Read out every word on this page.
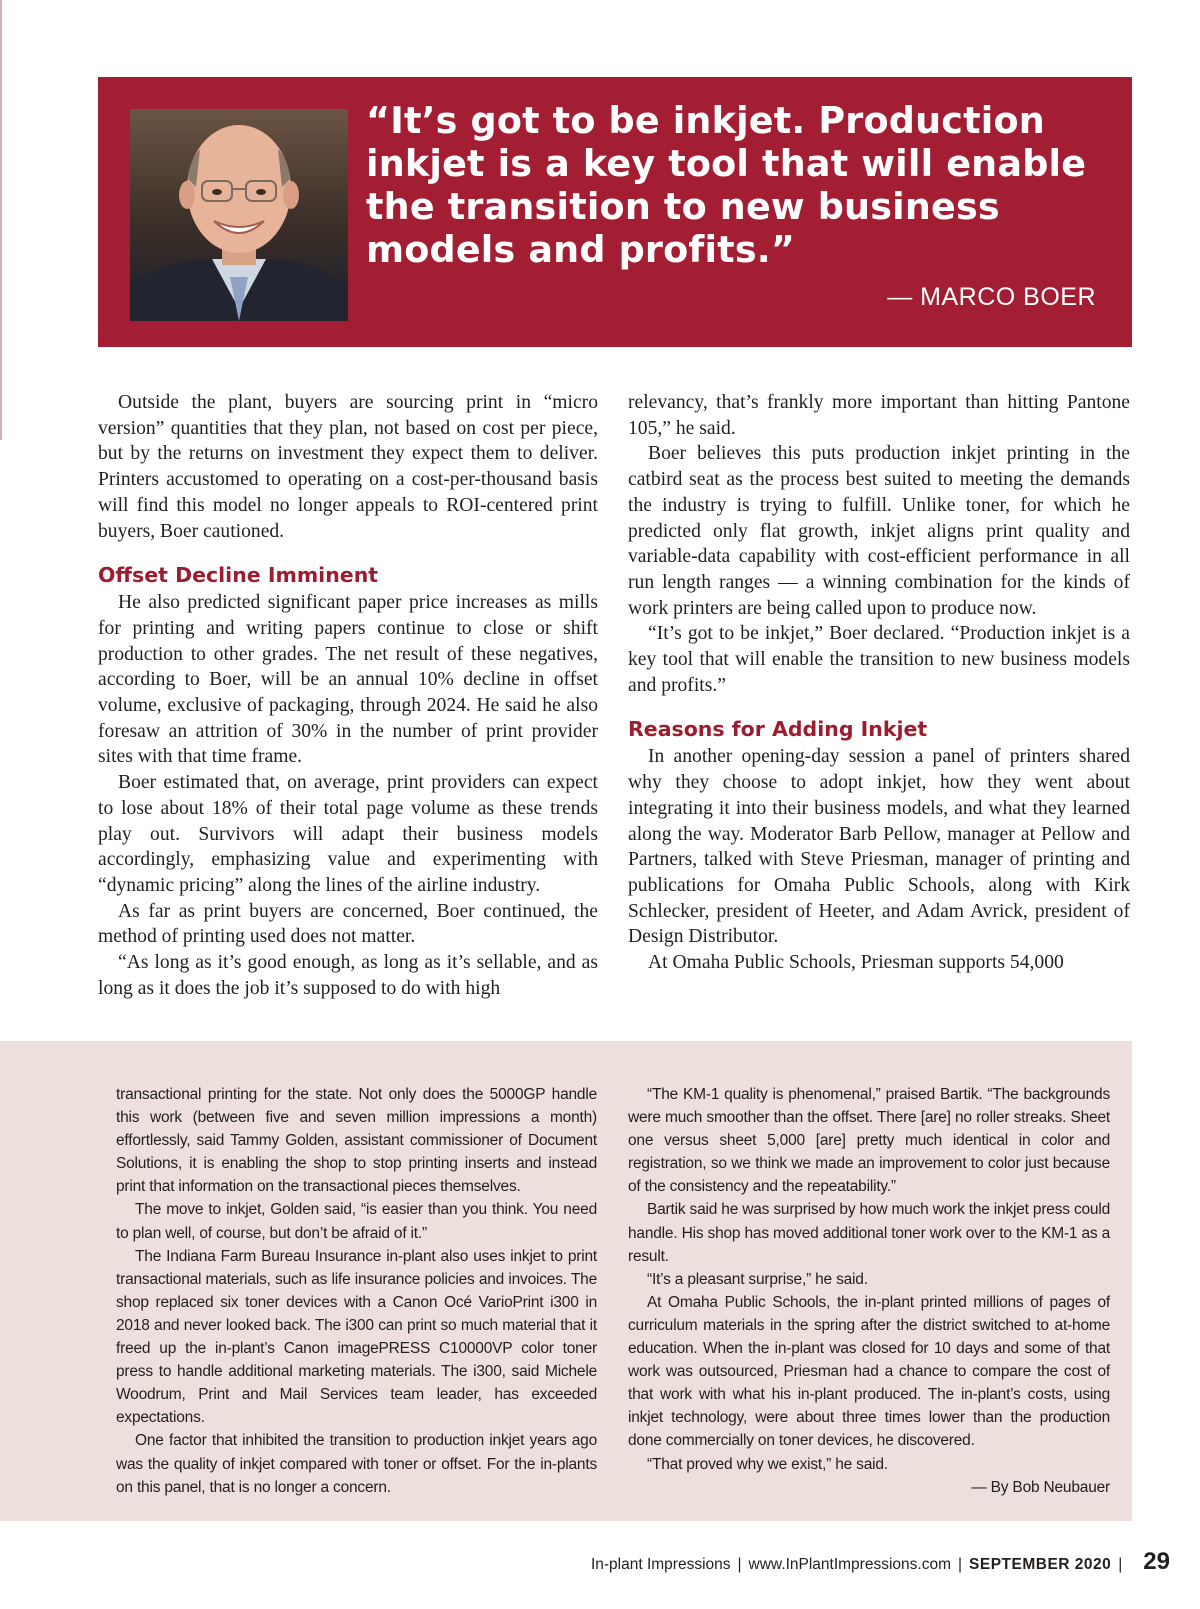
“It’s got to be inkjet. Production inkjet is a key tool that will enable the transition to new business models and profits.”

— MARCO BOER

Outside the plant, buyers are sourcing print in “micro version” quantities that they plan, not based on cost per piece, but by the returns on investment they expect them to deliver. Printers accustomed to operating on a cost-per-thousand basis will find this model no longer appeals to ROI-centered print buyers, Boer cautioned.

Offset Decline Imminent

He also predicted significant paper price increases as mills for printing and writing papers continue to close or shift production to other grades. The net result of these negatives, according to Boer, will be an annual 10% decline in offset volume, exclusive of packaging, through 2024. He said he also foresaw an attrition of 30% in the number of print provider sites with that time frame.

Boer estimated that, on average, print providers can expect to lose about 18% of their total page volume as these trends play out. Survivors will adapt their business models accordingly, emphasizing value and experimenting with “dynamic pricing” along the lines of the airline industry.

As far as print buyers are concerned, Boer continued, the method of printing used does not matter.

“As long as it’s good enough, as long as it’s sellable, and as long as it does the job it’s supposed to do with high

relevancy, that’s frankly more important than hitting Pantone 105,” he said.

Boer believes this puts production inkjet printing in the catbird seat as the process best suited to meeting the demands the industry is trying to fulfill. Unlike toner, for which he predicted only flat growth, inkjet aligns print quality and variable-data capability with cost-efficient performance in all run length ranges — a winning combination for the kinds of work printers are being called upon to produce now.

“It’s got to be inkjet,” Boer declared. “Production inkjet is a key tool that will enable the transition to new business models and profits.”

Reasons for Adding Inkjet

In another opening-day session a panel of printers shared why they choose to adopt inkjet, how they went about integrating it into their business models, and what they learned along the way. Moderator Barb Pellow, manager at Pellow and Partners, talked with Steve Priesman, manager of printing and publications for Omaha Public Schools, along with Kirk Schlecker, president of Heeter, and Adam Avrick, president of Design Distributor.

At Omaha Public Schools, Priesman supports 54,000

transactional printing for the state. Not only does the 5000GP handle this work (between five and seven million impressions a month) effortlessly, said Tammy Golden, assistant commissioner of Document Solutions, it is enabling the shop to stop printing inserts and instead print that information on the transactional pieces themselves.

The move to inkjet, Golden said, “is easier than you think. You need to plan well, of course, but don’t be afraid of it.”

The Indiana Farm Bureau Insurance in-plant also uses inkjet to print transactional materials, such as life insurance policies and invoices. The shop replaced six toner devices with a Canon Océ VarioPrint i300 in 2018 and never looked back. The i300 can print so much material that it freed up the in-plant’s Canon imagePRESS C10000VP color toner press to handle additional marketing materials. The i300, said Michele Woodrum, Print and Mail Services team leader, has exceeded expectations.

One factor that inhibited the transition to production inkjet years ago was the quality of inkjet compared with toner or offset. For the in-plants on this panel, that is no longer a concern.

“The KM-1 quality is phenomenal,” praised Bartik. “The backgrounds were much smoother than the offset. There [are] no roller streaks. Sheet one versus sheet 5,000 [are] pretty much identical in color and registration, so we think we made an improvement to color just because of the consistency and the repeatability.”

Bartik said he was surprised by how much work the inkjet press could handle. His shop has moved additional toner work over to the KM-1 as a result.

“It’s a pleasant surprise,” he said.

At Omaha Public Schools, the in-plant printed millions of pages of curriculum materials in the spring after the district switched to at-home education. When the in-plant was closed for 10 days and some of that work was outsourced, Priesman had a chance to compare the cost of that work with what his in-plant produced. The in-plant’s costs, using inkjet technology, were about three times lower than the production done commercially on toner devices, he discovered.

“That proved why we exist,” he said.

— By Bob Neubauer

In-plant Impressions | www.InPlantImpressions.com | SEPTEMBER 2020 | 29
